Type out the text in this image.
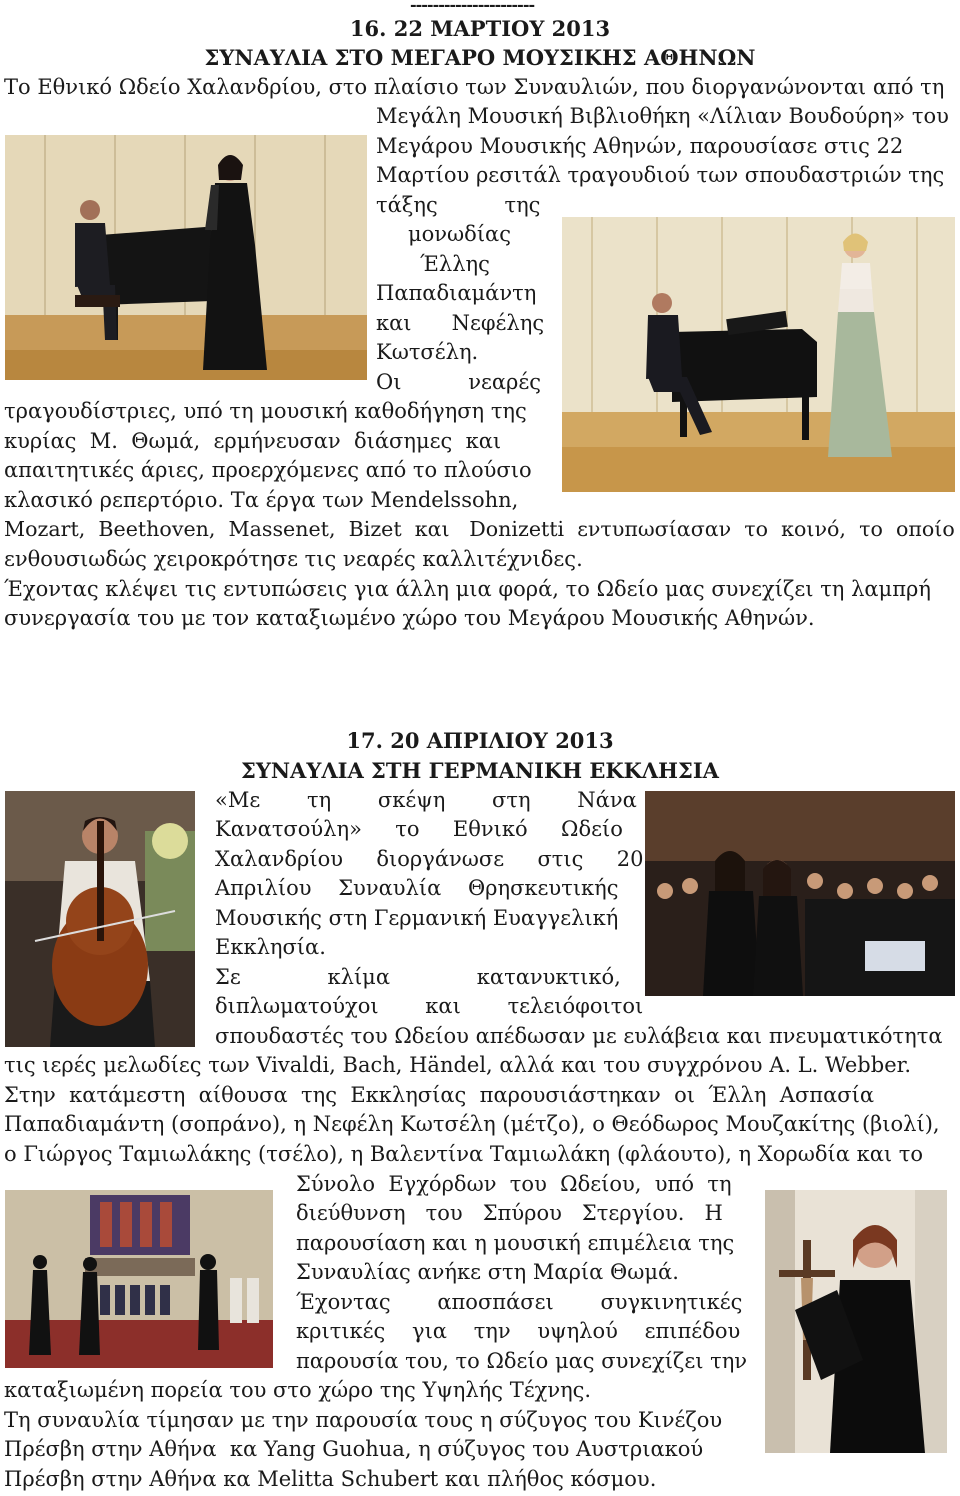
----------------------
16. 22 ΜΑΡΤΙΟΥ 2013
ΣΥΝΑΥΛΙΑ ΣΤΟ ΜΕΓΑΡΟ ΜΟΥΣΙΚΗΣ ΑΘΗΝΩΝ
Το Εθνικό Ωδείο Χαλανδρίου, στο πλαίσιο των Συναυλιών, που διοργανώνονται από τη
Μεγάλη Μουσική Βιβλιοθήκη «Λίλιαν Βουδούρη» του
Μεγάρου Μουσικής Αθηνών, παρουσίασε στις 22
Μαρτίου ρεσιτάλ τραγουδιού των σπουδαστριών της
τάξης          της
μονωδίας
Έλλης
Παπαδιαμάντη
και      Νεφέλης
Κωτσέλη.
Οι          νεαρές
τραγουδίστριες, υπό τη μουσική καθοδήγηση της
κυρίας  Μ.  Θωμά,  ερμήνευσαν  διάσημες  και
απαιτητικές άριες, προερχόμενες από το πλούσιο
κλασικό ρεπερτόριο. Τα έργα των Mendelssohn,
Mozart,  Beethoven,  Massenet,  Bizet  και   Donizetti  εντυπωσίασαν  το  κοινό,  το  οποίο
ενθουσιωδώς χειροκρότησε τις νεαρές καλλιτέχνιδες.
Έχοντας κλέψει τις εντυπώσεις για άλλη μια φορά, το Ωδείο μας συνεχίζει τη λαμπρή
συνεργασία του με τον καταξιωμένο χώρο του Μεγάρου Μουσικής Αθηνών.
17. 20 ΑΠΡΙΛΙΟΥ 2013
ΣΥΝΑΥΛΙΑ ΣΤΗ ΓΕΡΜΑΝΙΚΗ ΕΚΚΛΗΣΙΑ
«Με       τη       σκέψη       στη       Νάνα
Κανατσούλη»     το     Εθνικό     Ωδείο
Χαλανδρίου     διοργάνωσε     στις     20
Απριλίου    Συναυλία    Θρησκευτικής
Μουσικής στη Γερμανική Ευαγγελική
Εκκλησία.
Σε             κλίμα             κατανυκτικό,
διπλωματούχοι       και       τελειόφοιτοι
σπουδαστές του Ωδείου απέδωσαν με ευλάβεια και πνευματικότητα
τις ιερές μελωδίες των Vivaldi, Bach, Händel, αλλά και του συγχρόνου A. L. Webber.
Στην  κατάμεστη  αίθουσα  της  Εκκλησίας  παρουσιάστηκαν  οι  Έλλη  Ασπασία
Παπαδιαμάντη (σοπράνο), η Νεφέλη Κωτσέλη (μέτζο), ο Θεόδωρος Μουζακίτης (βιολί),
ο Γιώργος Ταμιωλάκης (τσέλο), η Βαλεντίνα Ταμιωλάκη (φλάουτο), η Χορωδία και το
Σύνολο  Εγχόρδων  του  Ωδείου,  υπό  τη
διεύθυνση   του   Σπύρου   Στεργίου.   Η
παρουσίαση και η μουσική επιμέλεια της
Συναυλίας ανήκε στη Μαρία Θωμά.
Έχοντας       αποσπάσει       συγκινητικές
κριτικές    για    την    υψηλού    επιπέδου
παρουσία του, το Ωδείο μας συνεχίζει την
καταξιωμένη πορεία του στο χώρο της Υψηλής Τέχνης.
Τη συναυλία τίμησαν με την παρουσία τους η σύζυγος του Κινέζου
Πρέσβη στην Αθήνα  κα Yang Guohua, η σύζυγος του Αυστριακού
Πρέσβη στην Αθήνα κα Melitta Schubert και πλήθος κόσμου.
